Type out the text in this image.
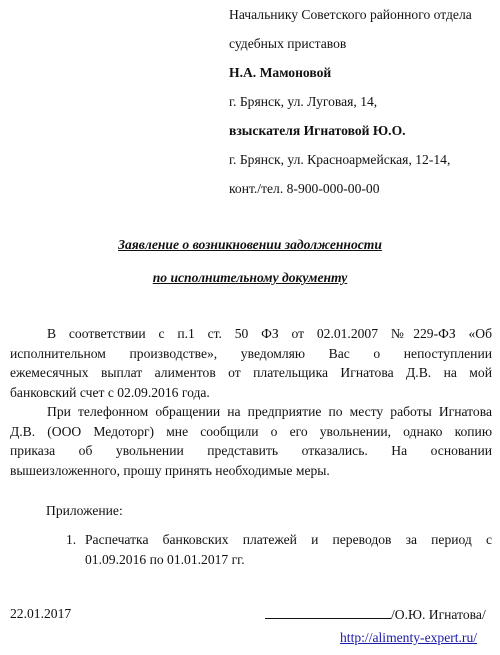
Начальнику Советского районного отдела
судебных приставов
Н.А. Мамоновой
г. Брянск, ул. Луговая, 14,
взыскателя Игнатовой Ю.О.
г. Брянск, ул. Красноармейская, 12-14,
конт./тел. 8-900-000-00-00
Заявление о возникновении задолженности
по исполнительному документу
В соответствии с п.1 ст. 50 ФЗ от 02.01.2007 №229-ФЗ «Об
исполнительном производстве», уведомляю Вас о непоступлении
ежемесячных выплат алиментов от плательщика Игнатова Д.В. на мой
банковский счет с 02.09.2016 года.
При телефонном обращении на предприятие по месту работы Игнатова
Д.В. (ООО Медоторг) мне сообщили о его увольнении, однако копию
приказа об увольнении представить отказались. На основании
вышеизложенного, прошу принять необходимые меры.
Приложение:
1. Распечатка банковских платежей и переводов за период с
01.09.2016 по 01.01.2017 гг.
22.01.2017	/О.Ю. Игнатова/
http://alimenty-expert.ru/
